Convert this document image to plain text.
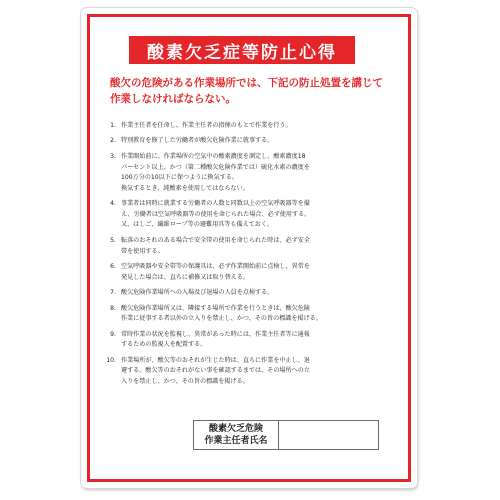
酸素欠乏症等防止心得
酸欠の危険がある作業場所では、下記の防止処置を講じて
作業しなければならない。
1. 作業主任者を任命し、作業主任者の指揮のもとで作業を行う。
2. 特別教育を修了した労働者が酸欠危険作業に就事する。
3. 作業開始前に、作業場所の空気中の酸素濃度を測定し、酸素濃度18
パーセント以上、かつ（第二種酸欠危険作業では）硫化水素の濃度を
100万分の10以下に保つように換気する。
換気するとき、純酸素を使用してはならない。
4. 事業者は同時に就業する労働者の人数と同数以上の空気呼吸器等を備
え、労働者は空気呼吸器等の使用を命じられた場合、必ず使用する。
又、はしご、繊維ロープ等の避難用具等も備えておく。
5. 転落のおそれのある場合で安全帯の使用を命じられた時は、必ず安全
帯を使用する。
6. 空気呼吸器や安全帯等の保護具は、必ず作業開始前に点検し、異常を
発見した場合は、直ちに補修又は取り替える。
7. 酸欠危険作業場所への入場及び退場の人員を点検する。
8. 酸欠危険作業場所又は、隣接する場所で作業を行うときは、酸欠危険
作業に従事する者以外の立入りを禁止し、かつ、その旨の標識を掲げる。
9. 常時作業の状況を監視し、異常があった時には、作業主任者等に通報
するための監視人を配置する。
10. 作業場所が、酸欠等のおそれが生じた時は、直ちに作業を中止し、退
避する。酸欠等のおそれがない事を確認するまでは、その場所への立
入りを禁止し、かつ、その旨の標識を掲げる。
酸素欠乏危険
作業主任者氏名
